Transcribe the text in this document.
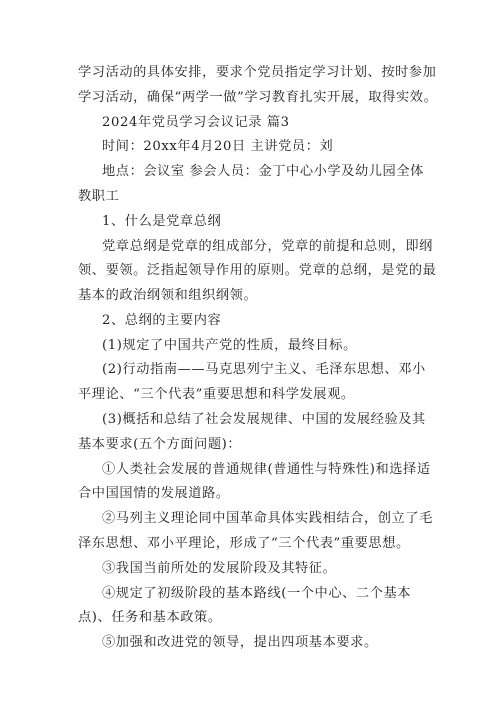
学习活动的具体安排，要求个党员指定学习计划、按时参加
学习活动，确保“两学一做”学习教育扎实开展，取得实效。
2024年党员学习会议记录 篇3
时间：20xx年4月20日 主讲党员：刘
地点：会议室 参会人员：金丁中心小学及幼儿园全体
教职工
1、什么是党章总纲
党章总纲是党章的组成部分，党章的前提和总则，即纲
领、要领。泛指起领导作用的原则。党章的总纲，是党的最
基本的政治纲领和组织纲领。
2、总纲的主要内容
(1)规定了中国共产党的性质，最终目标。
(2)行动指南——马克思列宁主义、毛泽东思想、邓小
平理论、“三个代表”重要思想和科学发展观。
(3)概括和总结了社会发展规律、中国的发展经验及其
基本要求(五个方面问题)：
①人类社会发展的普通规律(普通性与特殊性)和选择适
合中国国情的发展道路。
②马列主义理论同中国革命具体实践相结合，创立了毛
泽东思想、邓小平理论，形成了“三个代表”重要思想。
③我国当前所处的发展阶段及其特征。
④规定了初级阶段的基本路线(一个中心、二个基本
点)、任务和基本政策。
⑤加强和改进党的领导，提出四项基本要求。
